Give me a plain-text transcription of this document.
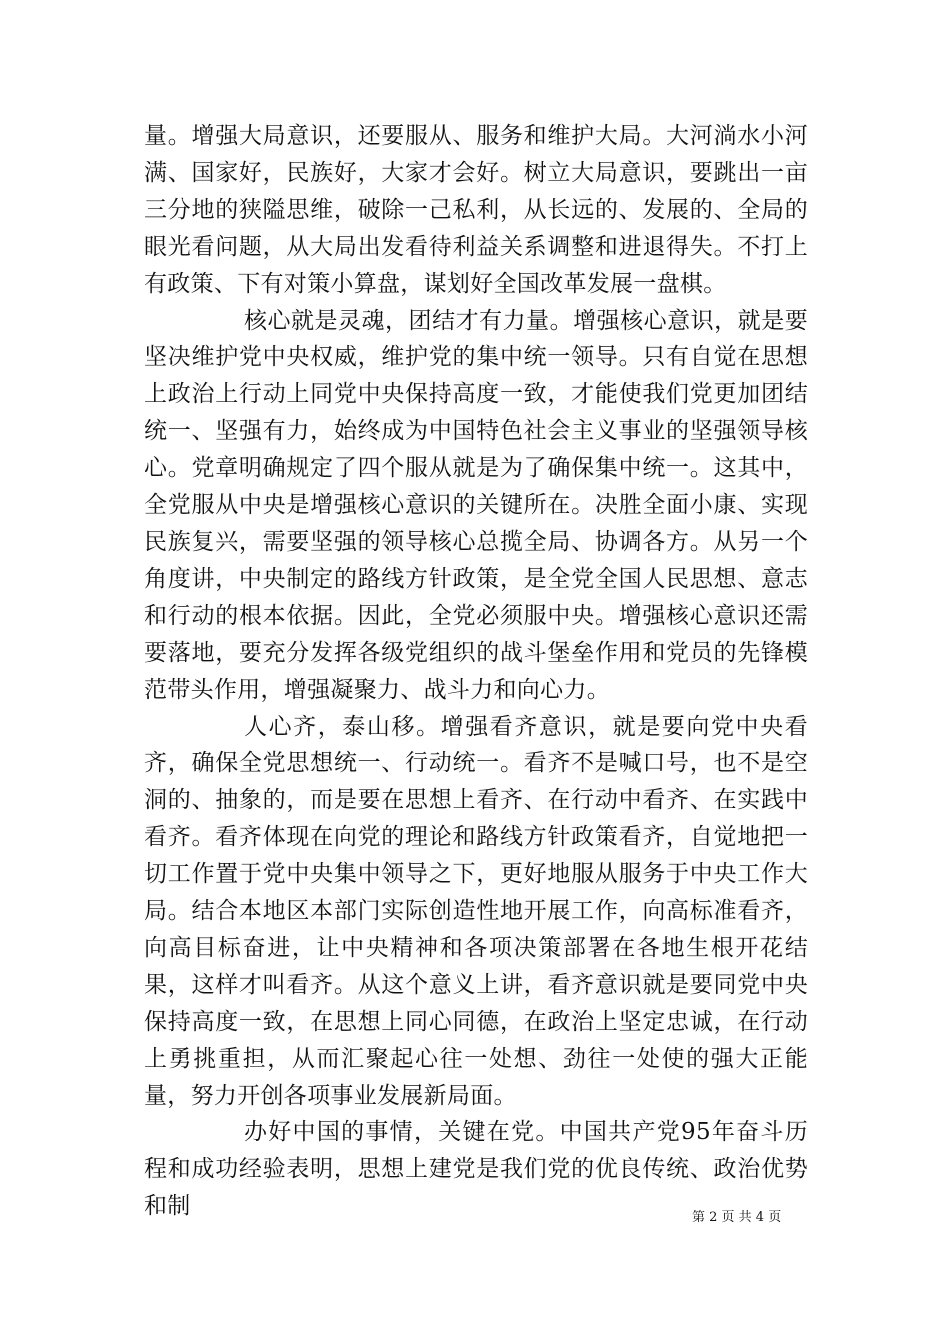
量。增强大局意识，还要服从、服务和维护大局。大河淌水小河满、国家好，民族好，大家才会好。树立大局意识，要跳出一亩三分地的狭隘思维，破除一己私利，从长远的、发展的、全局的眼光看问题，从大局出发看待利益关系调整和进退得失。不打上有政策、下有对策小算盘，谋划好全国改革发展一盘棋。

核心就是灵魂，团结才有力量。增强核心意识，就是要坚决维护党中央权威，维护党的集中统一领导。只有自觉在思想上政治上行动上同党中央保持高度一致，才能使我们党更加团结统一、坚强有力，始终成为中国特色社会主义事业的坚强领导核心。党章明确规定了四个服从就是为了确保集中统一。这其中，全党服从中央是增强核心意识的关键所在。决胜全面小康、实现民族复兴，需要坚强的领导核心总揽全局、协调各方。从另一个角度讲，中央制定的路线方针政策，是全党全国人民思想、意志和行动的根本依据。因此，全党必须服中央。增强核心意识还需要落地，要充分发挥各级党组织的战斗堡垒作用和党员的先锋模范带头作用，增强凝聚力、战斗力和向心力。

人心齐，泰山移。增强看齐意识，就是要向党中央看齐，确保全党思想统一、行动统一。看齐不是喊口号，也不是空洞的、抽象的，而是要在思想上看齐、在行动中看齐、在实践中看齐。看齐体现在向党的理论和路线方针政策看齐，自觉地把一切工作置于党中央集中领导之下，更好地服从服务于中央工作大局。结合本地区本部门实际创造性地开展工作，向高标准看齐，向高目标奋进，让中央精神和各项决策部署在各地生根开花结果，这样才叫看齐。从这个意义上讲，看齐意识就是要同党中央保持高度一致，在思想上同心同德，在政治上坚定忠诚，在行动上勇挑重担，从而汇聚起心往一处想、劲往一处使的强大正能量，努力开创各项事业发展新局面。

办好中国的事情，关键在党。中国共产党95年奋斗历程和成功经验表明，思想上建党是我们党的优良传统、政治优势和制	第 2 页 共 4 页
